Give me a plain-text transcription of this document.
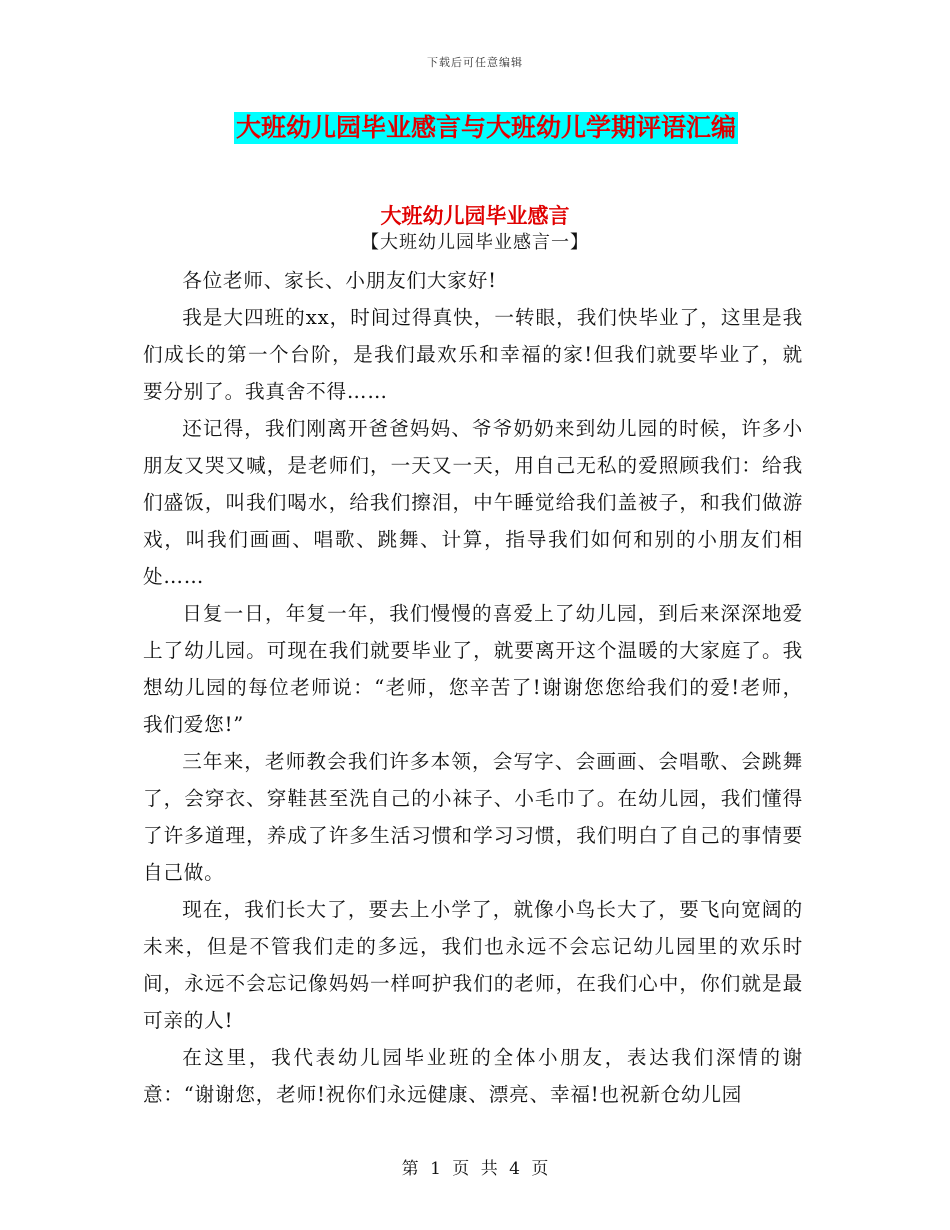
下载后可任意编辑
大班幼儿园毕业感言与大班幼儿学期评语汇编
大班幼儿园毕业感言
【大班幼儿园毕业感言一】

各位老师、家长、小朋友们大家好!

我是大四班的xx，时间过得真快，一转眼，我们快毕业了，这里是我们成长的第一个台阶，是我们最欢乐和幸福的家!但我们就要毕业了，就要分别了。我真舍不得……

还记得，我们刚离开爸爸妈妈、爷爷奶奶来到幼儿园的时候，许多小朋友又哭又喊，是老师们，一天又一天，用自己无私的爱照顾我们：给我们盛饭，叫我们喝水，给我们擦泪，中午睡觉给我们盖被子，和我们做游戏，叫我们画画、唱歌、跳舞、计算，指导我们如何和别的小朋友们相处……

日复一日，年复一年，我们慢慢的喜爱上了幼儿园，到后来深深地爱上了幼儿园。可现在我们就要毕业了，就要离开这个温暖的大家庭了。我想幼儿园的每位老师说：“老师，您辛苦了!谢谢您您给我们的爱!老师，我们爱您!”

三年来，老师教会我们许多本领，会写字、会画画、会唱歌、会跳舞了，会穿衣、穿鞋甚至洗自己的小袜子、小毛巾了。在幼儿园，我们懂得了许多道理，养成了许多生活习惯和学习习惯，我们明白了自己的事情要自己做。

现在，我们长大了，要去上小学了，就像小鸟长大了，要飞向宽阔的未来，但是不管我们走的多远，我们也永远不会忘记幼儿园里的欢乐时间，永远不会忘记像妈妈一样呵护我们的老师，在我们心中，你们就是最可亲的人!

在这里，我代表幼儿园毕业班的全体小朋友，表达我们深情的谢意：“谢谢您，老师!祝你们永远健康、漂亮、幸福!也祝新仓幼儿园

第 1 页 共 4 页
